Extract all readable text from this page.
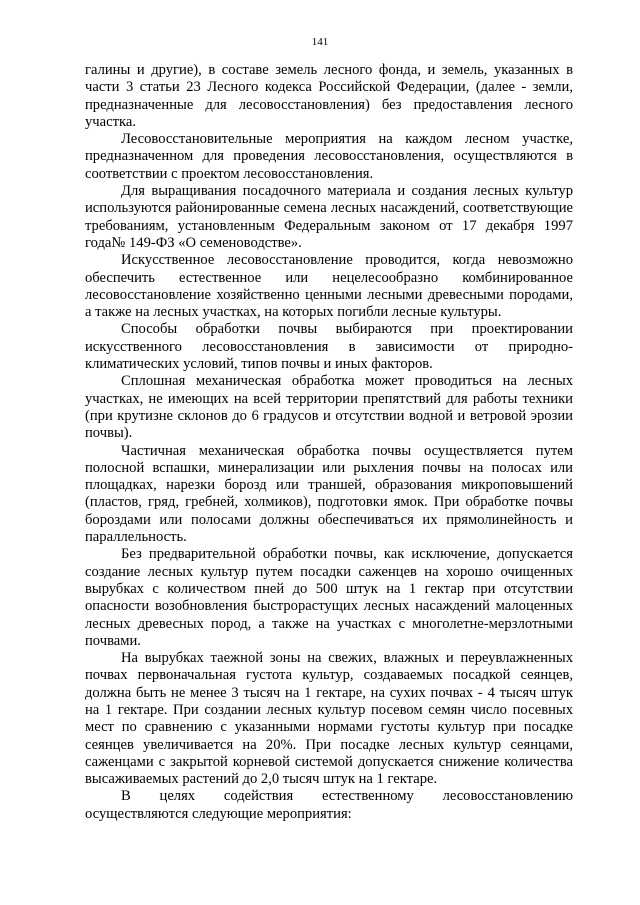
141

галины и другие), в составе земель лесного фонда, и земель, указанных в части 3 статьи 23 Лесного кодекса Российской Федерации, (далее - земли, предназначенные для лесовосстановления) без предоставления лесного участка.

Лесовосстановительные мероприятия на каждом лесном участке, предназначенном для проведения лесовосстановления, осуществляются в соответствии с проектом лесовосстановления.

Для выращивания посадочного материала и создания лесных культур используются районированные семена лесных насаждений, соответствующие требованиям, установленным Федеральным законом от 17 декабря 1997 года№ 149-ФЗ «О семеноводстве».

Искусственное лесовосстановление проводится, когда невозможно обеспечить естественное или нецелесообразно комбинированное лесовосстановление хозяйственно ценными лесными древесными породами, а также на лесных участках, на которых погибли лесные культуры.

Способы обработки почвы выбираются при проектировании искусственного лесовосстановления в зависимости от природно-климатических условий, типов почвы и иных факторов.

Сплошная механическая обработка может проводиться на лесных участках, не имеющих на всей территории препятствий для работы техники (при крутизне склонов до 6 градусов и отсутствии водной и ветровой эрозии почвы).

Частичная механическая обработка почвы осуществляется путем полосной вспашки, минерализации или рыхления почвы на полосах или площадках, нарезки борозд или траншей, образования микроповышений (пластов, гряд, гребней, холмиков), подготовки ямок. При обработке почвы бороздами или полосами должны обеспечиваться их прямолинейность и параллельность.

Без предварительной обработки почвы, как исключение, допускается создание лесных культур путем посадки саженцев на хорошо очищенных вырубках с количеством пней до 500 штук на 1 гектар при отсутствии опасности возобновления быстрорастущих лесных насаждений малоценных лесных древесных пород, а также на участках с многолетне-мерзлотными почвами.

На вырубках таежной зоны на свежих, влажных и переувлажненных почвах первоначальная густота культур, создаваемых посадкой сеянцев, должна быть не менее 3 тысяч на 1 гектаре, на сухих почвах - 4 тысяч штук на 1 гектаре. При создании лесных культур посевом семян число посевных мест по сравнению с указанными нормами густоты культур при посадке сеянцев увеличивается на 20%. При посадке лесных культур сеянцами, саженцами с закрытой корневой системой допускается снижение количества высаживаемых растений до 2,0 тысяч штук на 1 гектаре.

В целях содействия естественному лесовосстановлению осуществляются следующие мероприятия:
